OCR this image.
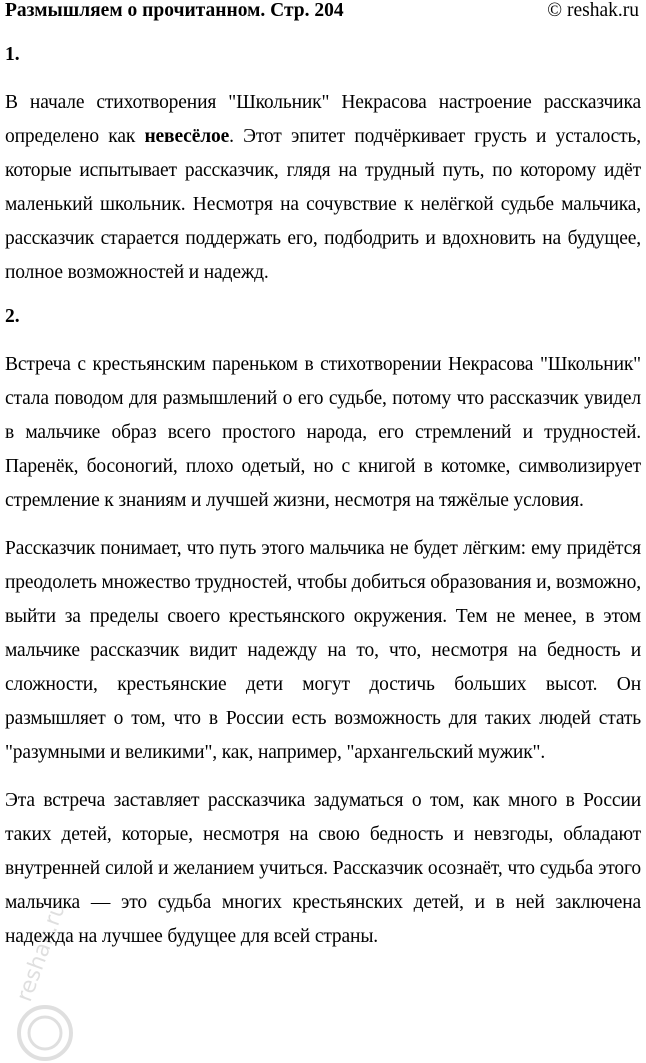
Размышляем о прочитанном. Стр. 204	© reshak.ru
1.

В начале стихотворения "Школьник" Некрасова настроение рассказчика определено как невесёлое. Этот эпитет подчёркивает грусть и усталость, которые испытывает рассказчик, глядя на трудный путь, по которому идёт маленький школьник. Несмотря на сочувствие к нелёгкой судьбе мальчика, рассказчик старается поддержать его, подбодрить и вдохновить на будущее, полное возможностей и надежд.

2.

Встреча с крестьянским пареньком в стихотворении Некрасова "Школьник" стала поводом для размышлений о его судьбе, потому что рассказчик увидел в мальчике образ всего простого народа, его стремлений и трудностей. Паренёк, босоногий, плохо одетый, но с книгой в котомке, символизирует стремление к знаниям и лучшей жизни, несмотря на тяжёлые условия.

Рассказчик понимает, что путь этого мальчика не будет лёгким: ему придётся преодолеть множество трудностей, чтобы добиться образования и, возможно, выйти за пределы своего крестьянского окружения. Тем не менее, в этом мальчике рассказчик видит надежду на то, что, несмотря на бедность и сложности, крестьянские дети могут достичь больших высот. Он размышляет о том, что в России есть возможность для таких людей стать "разумными и великими", как, например, "архангельский мужик".

Эта встреча заставляет рассказчика задуматься о том, как много в России таких детей, которые, несмотря на свою бедность и невзгоды, обладают внутренней силой и желанием учиться. Рассказчик осознаёт, что судьба этого мальчика — это судьба многих крестьянских детей, и в ней заключена надежда на лучшее будущее для всей страны.

reshak.ru
